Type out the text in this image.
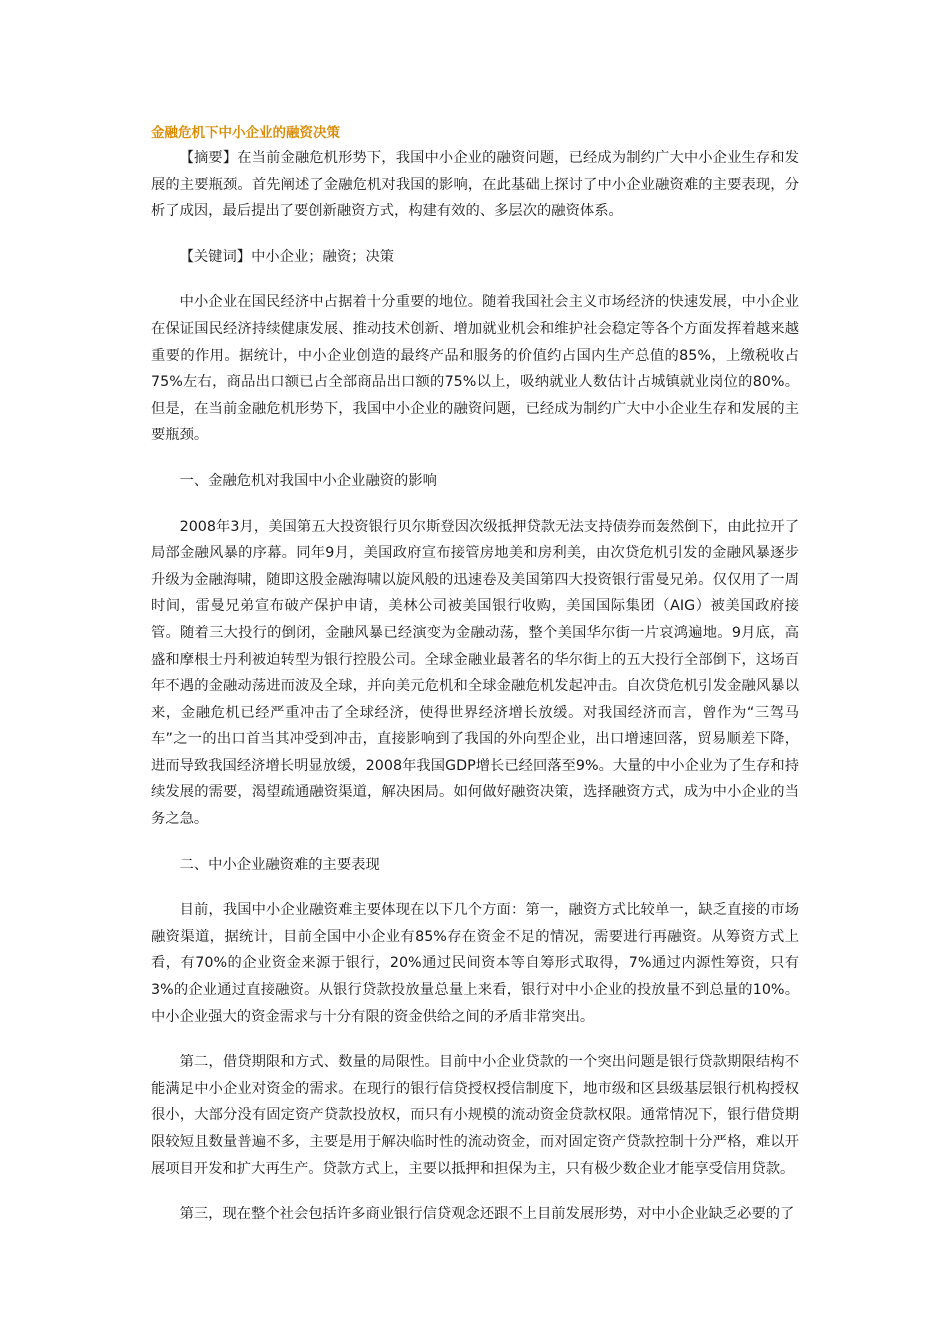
金融危机下中小企业的融资决策

【摘要】在当前金融危机形势下，我国中小企业的融资问题，已经成为制约广大中小企业生存和发展的主要瓶颈。首先阐述了金融危机对我国的影响，在此基础上探讨了中小企业融资难的主要表现，分析了成因，最后提出了要创新融资方式，构建有效的、多层次的融资体系。

【关键词】中小企业；融资；决策

中小企业在国民经济中占据着十分重要的地位。随着我国社会主义市场经济的快速发展，中小企业在保证国民经济持续健康发展、推动技术创新、增加就业机会和维护社会稳定等各个方面发挥着越来越重要的作用。据统计，中小企业创造的最终产品和服务的价值约占国内生产总值的85%，上缴税收占75%左右，商品出口额已占全部商品出口额的75%以上，吸纳就业人数估计占城镇就业岗位的80%。但是，在当前金融危机形势下，我国中小企业的融资问题，已经成为制约广大中小企业生存和发展的主要瓶颈。

一、金融危机对我国中小企业融资的影响

2008年3月，美国第五大投资银行贝尔斯登因次级抵押贷款无法支持债券而轰然倒下，由此拉开了局部金融风暴的序幕。同年9月，美国政府宣布接管房地美和房利美，由次贷危机引发的金融风暴逐步升级为金融海啸，随即这股金融海啸以旋风般的迅速卷及美国第四大投资银行雷曼兄弟。仅仅用了一周时间，雷曼兄弟宣布破产保护申请，美林公司被美国银行收购，美国国际集团（AIG）被美国政府接管。随着三大投行的倒闭，金融风暴已经演变为金融动荡，整个美国华尔街一片哀鸿遍地。9月底，高盛和摩根士丹利被迫转型为银行控股公司。全球金融业最著名的华尔街上的五大投行全部倒下，这场百年不遇的金融动荡进而波及全球，并向美元危机和全球金融危机发起冲击。自次贷危机引发金融风暴以来，金融危机已经严重冲击了全球经济，使得世界经济增长放缓。对我国经济而言，曾作为“三驾马车”之一的出口首当其冲受到冲击，直接影响到了我国的外向型企业，出口增速回落，贸易顺差下降，进而导致我国经济增长明显放缓，2008年我国GDP增长已经回落至9%。大量的中小企业为了生存和持续发展的需要，渴望疏通融资渠道，解决困局。如何做好融资决策，选择融资方式，成为中小企业的当务之急。

二、中小企业融资难的主要表现

目前，我国中小企业融资难主要体现在以下几个方面：第一，融资方式比较单一，缺乏直接的市场融资渠道，据统计，目前全国中小企业有85%存在资金不足的情况，需要进行再融资。从筹资方式上看，有70%的企业资金来源于银行，20%通过民间资本等自筹形式取得，7%通过内源性筹资，只有3%的企业通过直接融资。从银行贷款投放量总量上来看，银行对中小企业的投放量不到总量的10%。中小企业强大的资金需求与十分有限的资金供给之间的矛盾非常突出。

第二，借贷期限和方式、数量的局限性。目前中小企业贷款的一个突出问题是银行贷款期限结构不能满足中小企业对资金的需求。在现行的银行信贷授权授信制度下，地市级和区县级基层银行机构授权很小，大部分没有固定资产贷款投放权，而只有小规模的流动资金贷款权限。通常情况下，银行借贷期限较短且数量普遍不多，主要是用于解决临时性的流动资金，而对固定资产贷款控制十分严格，难以开展项目开发和扩大再生产。贷款方式上，主要以抵押和担保为主，只有极少数企业才能享受信用贷款。

第三，现在整个社会包括许多商业银行信贷观念还跟不上目前发展形势，对中小企业缺乏必要的了
